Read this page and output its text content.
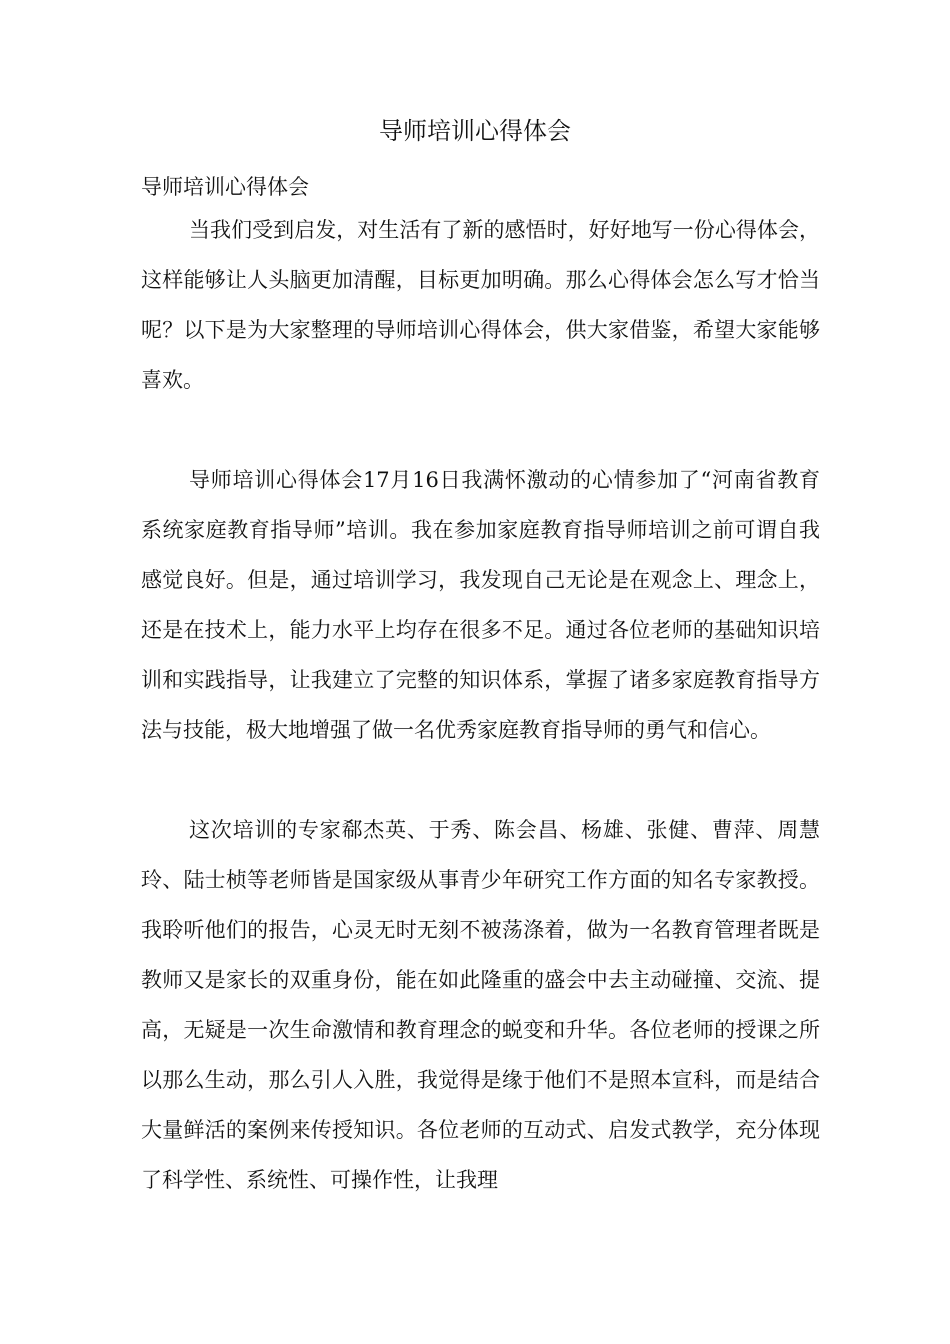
导师培训心得体会

导师培训心得体会

当我们受到启发，对生活有了新的感悟时，好好地写一份心得体会，这样能够让人头脑更加清醒，目标更加明确。那么心得体会怎么写才恰当呢？以下是为大家整理的导师培训心得体会，供大家借鉴，希望大家能够喜欢。

导师培训心得体会17月16日我满怀激动的心情参加了“河南省教育系统家庭教育指导师”培训。我在参加家庭教育指导师培训之前可谓自我感觉良好。但是，通过培训学习，我发现自己无论是在观念上、理念上，还是在技术上，能力水平上均存在很多不足。通过各位老师的基础知识培训和实践指导，让我建立了完整的知识体系，掌握了诸多家庭教育指导方法与技能，极大地增强了做一名优秀家庭教育指导师的勇气和信心。

这次培训的专家郗杰英、于秀、陈会昌、杨雄、张健、曹萍、周慧玲、陆士桢等老师皆是国家级从事青少年研究工作方面的知名专家教授。我聆听他们的报告，心灵无时无刻不被荡涤着，做为一名教育管理者既是教师又是家长的双重身份，能在如此隆重的盛会中去主动碰撞、交流、提高，无疑是一次生命激情和教育理念的蜕变和升华。各位老师的授课之所以那么生动，那么引人入胜，我觉得是缘于他们不是照本宣科，而是结合大量鲜活的案例来传授知识。各位老师的互动式、启发式教学，充分体现了科学性、系统性、可操作性，让我理
